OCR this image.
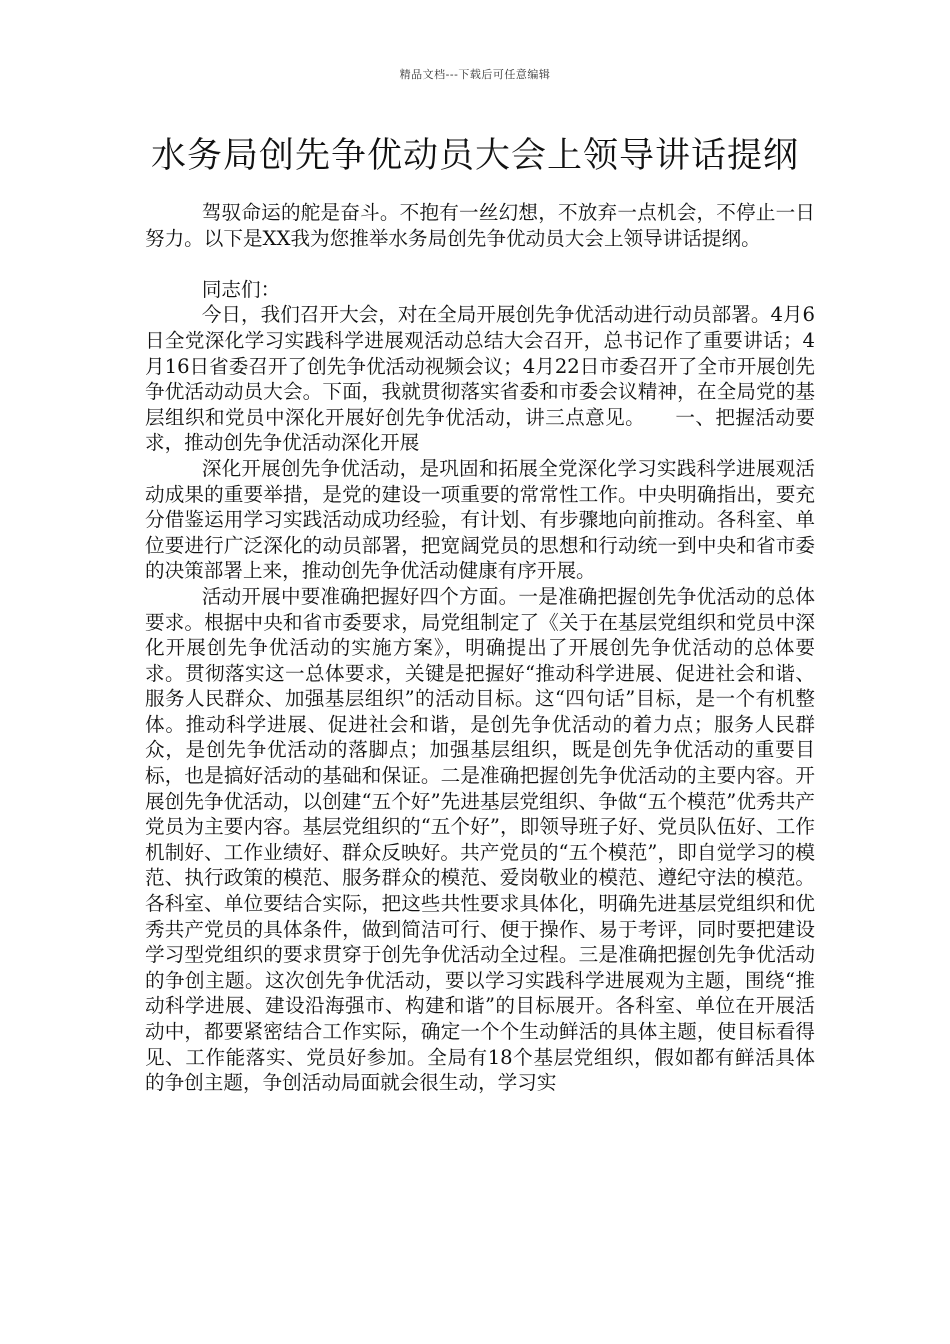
精品文档---下载后可任意编辑
水务局创先争优动员大会上领导讲话提纲

驾驭命运的舵是奋斗。不抱有一丝幻想，不放弃一点机会，不停止一日努力。以下是XX我为您推举水务局创先争优动员大会上领导讲话提纲。

同志们：

今日，我们召开大会，对在全局开展创先争优活动进行动员部署。4月6日全党深化学习实践科学进展观活动总结大会召开，总书记作了重要讲话；4月16日省委召开了创先争优活动视频会议；4月22日市委召开了全市开展创先争优活动动员大会。下面，我就贯彻落实省委和市委会议精神，在全局党的基层组织和党员中深化开展好创先争优活动，讲三点意见。　　一、把握活动要求，推动创先争优活动深化开展

深化开展创先争优活动，是巩固和拓展全党深化学习实践科学进展观活动成果的重要举措，是党的建设一项重要的常常性工作。中央明确指出，要充分借鉴运用学习实践活动成功经验，有计划、有步骤地向前推动。各科室、单位要进行广泛深化的动员部署，把宽阔党员的思想和行动统一到中央和省市委的决策部署上来，推动创先争优活动健康有序开展。

活动开展中要准确把握好四个方面。一是准确把握创先争优活动的总体要求。根据中央和省市委要求，局党组制定了《关于在基层党组织和党员中深化开展创先争优活动的实施方案》，明确提出了开展创先争优活动的总体要求。贯彻落实这一总体要求，关键是把握好“推动科学进展、促进社会和谐、服务人民群众、加强基层组织”的活动目标。这“四句话”目标，是一个有机整体。推动科学进展、促进社会和谐，是创先争优活动的着力点；服务人民群众，是创先争优活动的落脚点；加强基层组织，既是创先争优活动的重要目标，也是搞好活动的基础和保证。二是准确把握创先争优活动的主要内容。开展创先争优活动，以创建“五个好”先进基层党组织、争做“五个模范”优秀共产党员为主要内容。基层党组织的“五个好”，即领导班子好、党员队伍好、工作机制好、工作业绩好、群众反映好。共产党员的“五个模范”，即自觉学习的模范、执行政策的模范、服务群众的模范、爱岗敬业的模范、遵纪守法的模范。各科室、单位要结合实际，把这些共性要求具体化，明确先进基层党组织和优秀共产党员的具体条件，做到简洁可行、便于操作、易于考评，同时要把建设学习型党组织的要求贯穿于创先争优活动全过程。三是准确把握创先争优活动的争创主题。这次创先争优活动，要以学习实践科学进展观为主题，围绕“推动科学进展、建设沿海强市、构建和谐”的目标展开。各科室、单位在开展活动中，都要紧密结合工作实际，确定一个个生动鲜活的具体主题，使目标看得见、工作能落实、党员好参加。全局有18个基层党组织，假如都有鲜活具体的争创主题，争创活动局面就会很生动，学习实
